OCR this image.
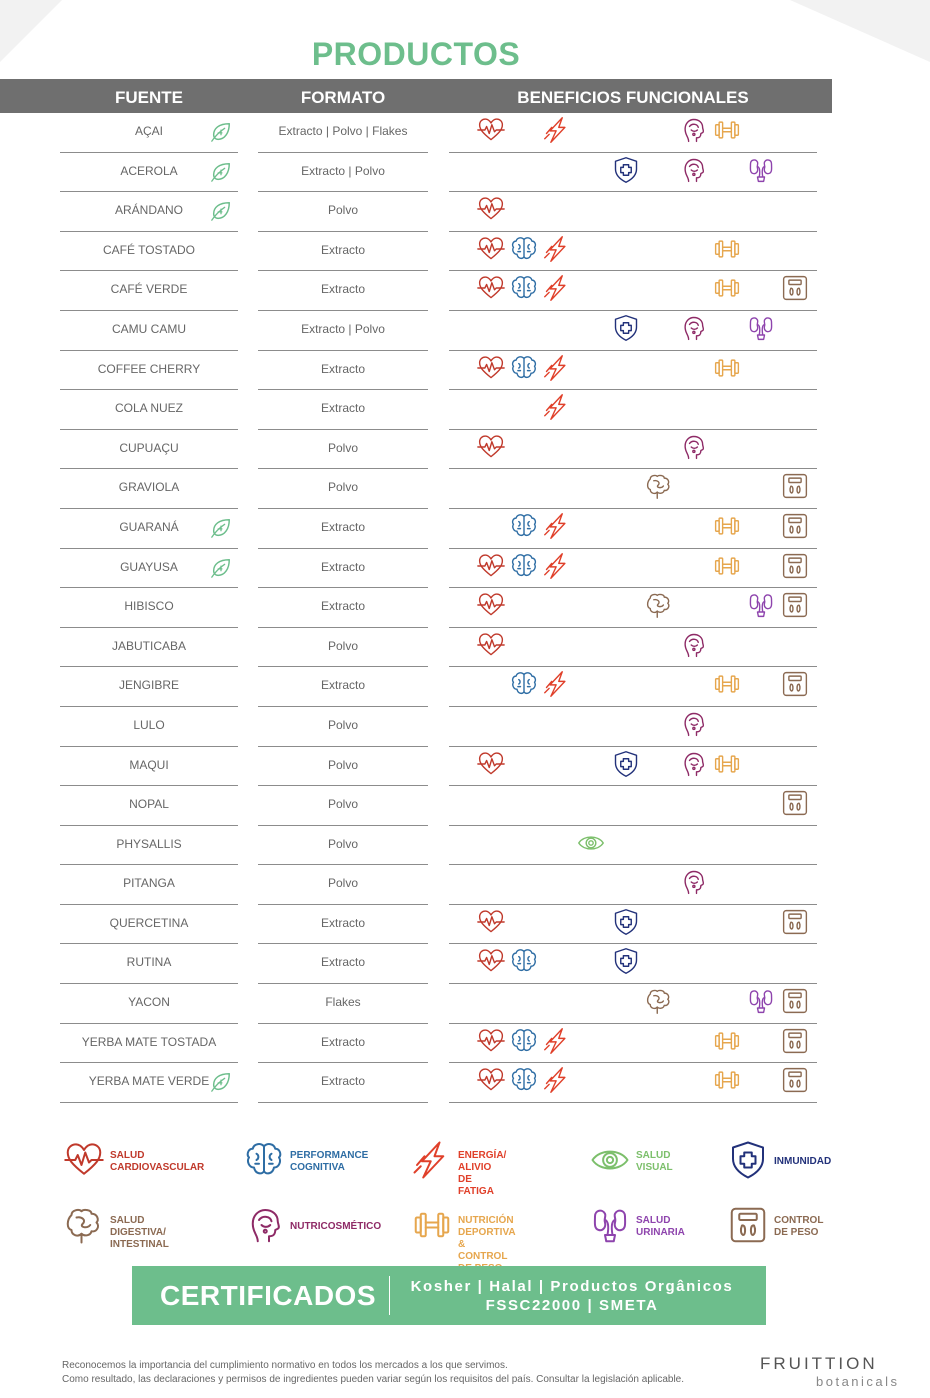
PRODUCTOS
FUENTE	FORMATO	BENEFICIOS FUNCIONALES
AÇAI	Extracto | Polvo | Flakes
ACEROLA	Extracto | Polvo
ARÁNDANO	Polvo
CAFÉ TOSTADO	Extracto
CAFÉ VERDE	Extracto
CAMU CAMU	Extracto | Polvo
COFFEE CHERRY	Extracto
COLA NUEZ	Extracto
CUPUAÇU	Polvo
GRAVIOLA	Polvo
GUARANÁ	Extracto
GUAYUSA	Extracto
HIBISCO	Extracto
JABUTICABA	Polvo
JENGIBRE	Extracto
LULO	Polvo
MAQUI	Polvo
NOPAL	Polvo
PHYSALLIS	Polvo
PITANGA	Polvo
QUERCETINA	Extracto
RUTINA	Extracto
YACON	Flakes
YERBA MATE TOSTADA	Extracto
YERBA MATE VERDE	Extracto
SALUD
CARDIOVASCULAR
PERFORMANCE
COGNITIVA
ENERGÍA/
ALIVIO DE FATIGA
SALUD
VISUAL
INMUNIDAD
SALUD DIGESTIVA/
INTESTINAL
NUTRICOSMÉTICO
NUTRICIÓN DEPORTIVA
& CONTROL
SALUD
URINARIA
CONTROL
DE PESO
CERTIFICADOS Kosher | Halal | Productos Orgânicos
FSSC22000 | SMETA
Reconocemos la importancia del cumplimiento normativo en todos los mercados a los que servimos.
Como resultado, las declaraciones y permisos de ingredientes pueden variar según los requisitos del país. Consultar la legislación aplicable.
FRUITTION
botanicals
